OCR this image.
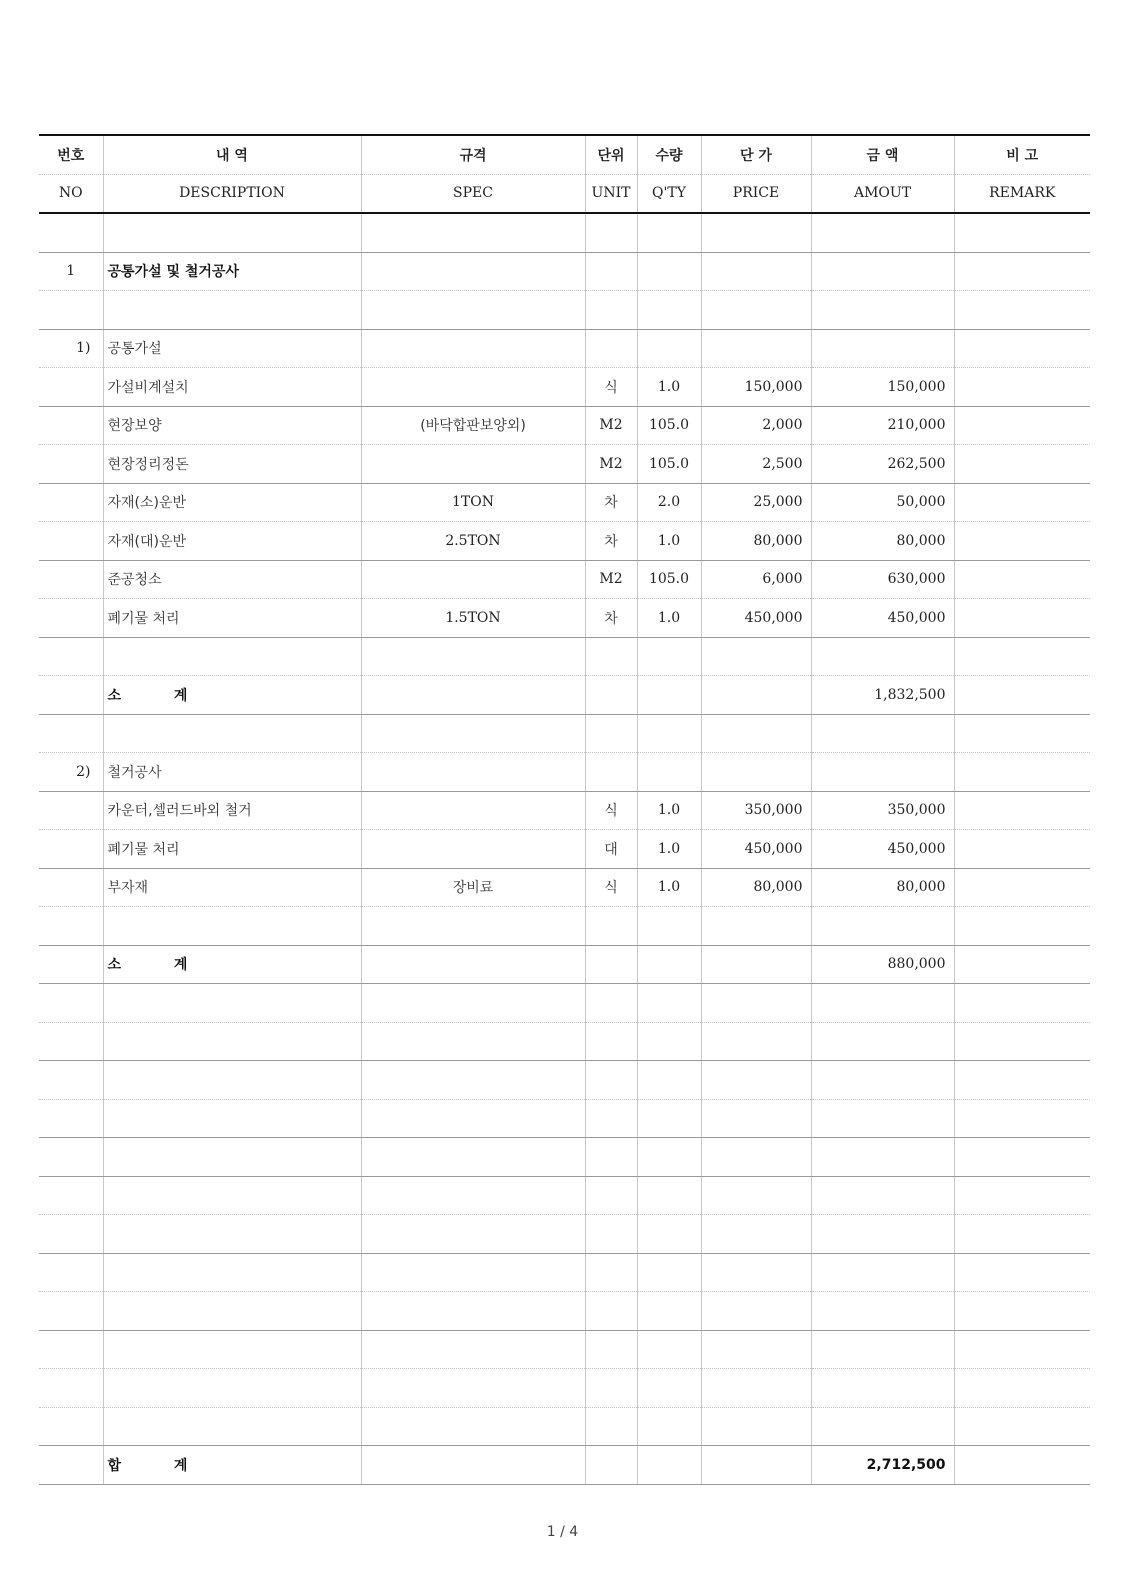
번호	내 역	규격	단위	수량	단 가	금 액	비 고
NO	DESCRIPTION	SPEC	UNIT	Q'TY	PRICE	AMOUT	REMARK

1	공통가설 및 철거공사						

1)	공통가설						
	가설비계설치		식	1.0	150,000	150,000	
	현장보양	(바닥합판보양외)	M2	105.0	2,000	210,000	
	현장정리정돈		M2	105.0	2,500	262,500	
	자재(소)운반	1TON	차	2.0	25,000	50,000	
	자재(대)운반	2.5TON	차	1.0	80,000	80,000	
	준공청소		M2	105.0	6,000	630,000	
	폐기물 처리	1.5TON	차	1.0	450,000	450,000	

	소 계					1,832,500	

2)	철거공사						
	카운터,셀러드바외 철거		식	1.0	350,000	350,000	
	폐기물 처리		대	1.0	450,000	450,000	
	부자재	장비료	식	1.0	80,000	80,000	

	소 계					880,000	

	합 계					2,712,500	
1 / 4
